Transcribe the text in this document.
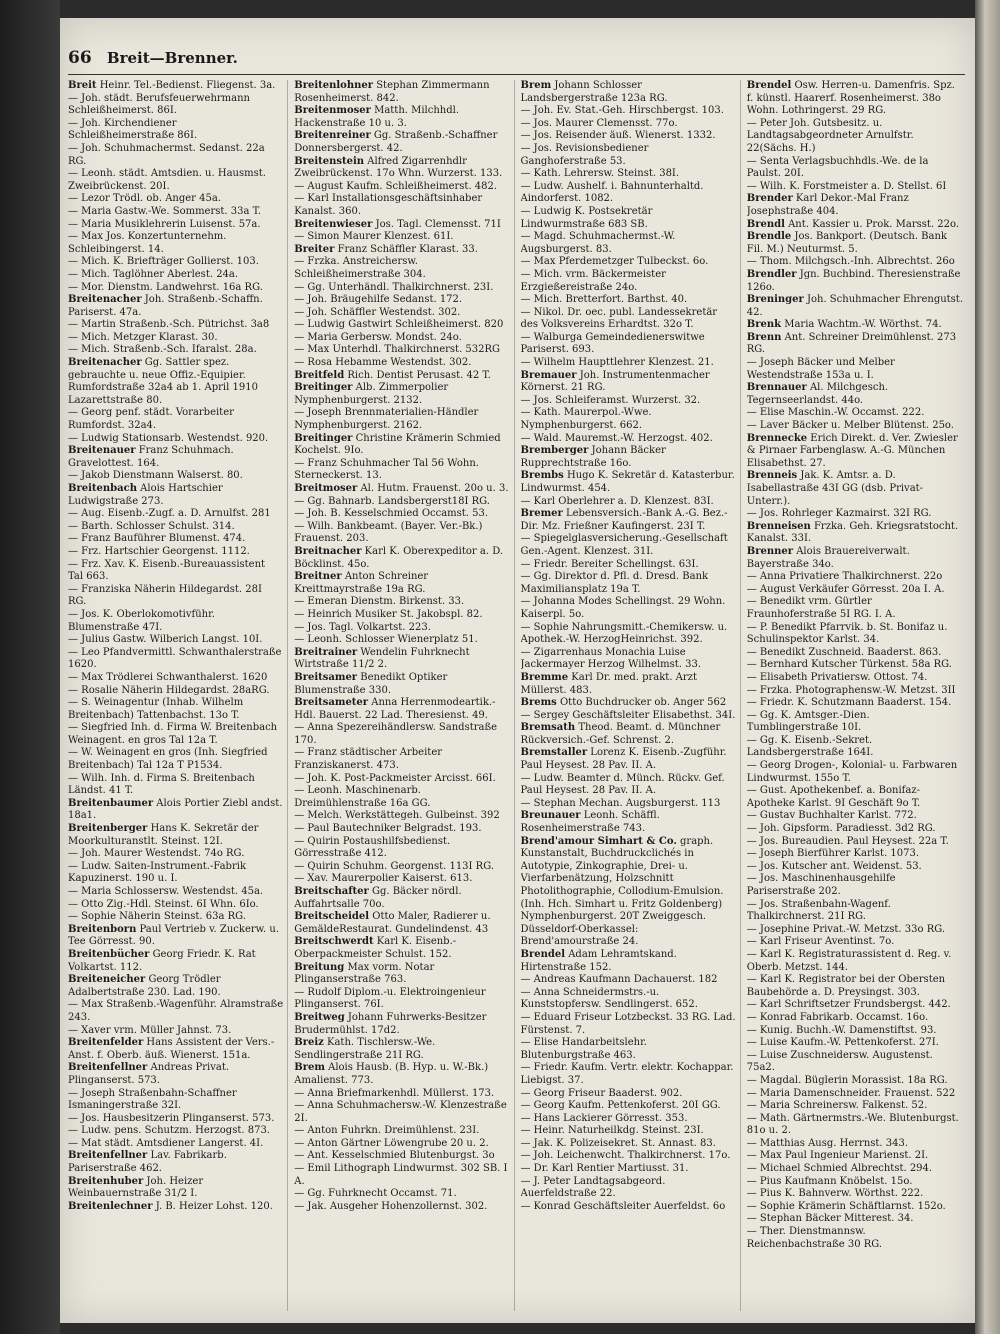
66 Breit—Brenner.

Breit Heinr. Tel.-Bedienst. Fliegenst. 3a.

— Joh. städt. Berufsfeuerwehrmann Schleißheimerst. 86I.

— Joh. Kirchendiener Schleißheimerstraße 86I.

— Joh. Schuhmachermst. Sedanst. 22a RG.

— Leonh. städt. Amtsdien. u. Hausmst. Zweibrückenst. 20I.

— Lezor Trödl. ob. Anger 45a.

— Maria Gastw.-We. Sommerst. 33a T.

— Maria Musiklehrerin Luisenst. 57a.

— Max Jos. Konzertunternehm. Schleibingerst. 14.

— Mich. K. Briefträger Gollierst. 103.

— Mich. Taglöhner Aberlest. 24a.

— Mor. Dienstm. Landwehrst. 16a RG.

Breitenacher Joh. Straßenb.-Schaffn. Pariserst. 47a.

— Martin Straßenb.-Sch. Pütrichst. 3a8

— Mich. Metzger Klarast. 30.

— Mich. Straßenb.-Sch. Ifaralst. 28a.

Breitenacher Gg. Sattler spez. gebrauchte u. neue Offiz.-Equipier. Rumfordstraße 32a4 ab 1. April 1910 Lazarettstraße 80.

— Georg penf. städt. Vorarbeiter Rumfordst. 32a4.

— Ludwig Stationsarb. Westendst. 920.

Breitenauer Franz Schuhmach. Gravelottest. 164.

— Jakob Dienstmann Walserst. 80.

Breitenbach Alois Hartschier Ludwigstraße 273.

— Aug. Eisenb.-Zugf. a. D. Arnulfst. 281

— Barth. Schlosser Schulst. 314.

— Franz Bauführer Blumenst. 474.

— Frz. Hartschier Georgenst. 1112.

— Frz. Xav. K. Eisenb.-Bureauassistent Tal 663.

— Franziska Näherin Hildegardst. 28I RG.

— Jos. K. Oberlokomotivführ. Blumenstraße 47I.

— Julius Gastw. Wilberich Langst. 10I.

— Leo Pfandvermittl. Schwanthalerstraße 1620.

— Max Trödlerei Schwanthalerst. 1620

— Rosalie Näherin Hildegardst. 28aRG.

— S. Weinagentur (Inhab. Wilhelm Breitenbach) Tattenbachst. 13o T.

— Siegfried Inh. d. Firma W. Breitenbach Weinagent. en gros Tal 12a T.

— W. Weinagent en gros (Inh. Siegfried Breitenbach) Tal 12a T P1534.

— Wilh. Inh. d. Firma S. Breitenbach Ländst. 41 T.

Breitenbaumer Alois Portier Ziebl andst. 18a1.

Breitenberger Hans K. Sekretär der Moorkulturanstlt. Steinst. 12I.

— Joh. Maurer Westendst. 74o RG.

— Ludw. Saiten-Instrument.-Fabrik Kapuzinerst. 190 u. I.

— Maria Schlossersw. Westendst. 45a.

— Otto Zig.-Hdl. Steinst. 6I Whn. 6Io.

— Sophie Näherin Steinst. 63a RG.

Breitenborn Paul Vertrieb v. Zuckerw. u. Tee Görresst. 90.

Breitenbücher Georg Friedr. K. Rat Volkartst. 112.

Breiteneicher Georg Trödler Adalbertstraße 230. Lad. 190.

— Max Straßenb.-Wagenführ. Alramstraße 243.

— Xaver vrm. Müller Jahnst. 73.

Breitenfelder Hans Assistent der Vers.-Anst. f. Oberb. äuß. Wienerst. 151a.

Breitenfellner Andreas Privat. Plinganserst. 573.

— Joseph Straßenbahn-Schaffner Ismaningerstraße 32I.

— Jos. Hausbesitzerin Plinganserst. 573.

— Ludw. pens. Schutzm. Herzogst. 873.

— Mat städt. Amtsdiener Langerst. 4I.

Breitenfellner Lav. Fabrikarb. Pariserstraße 462.

Breitenhuber Joh. Heizer Weinbauernstraße 31/2 I.

Breitenlechner J. B. Heizer Lohst. 120.

Breitenlohner Stephan Zimmermann Rosenheimerst. 842.

Breitenmoser Matth. Milchhdl. Hackenstraße 10 u. 3.

Breitenreiner Gg. Straßenb.-Schaffner Donnersbergerst. 42.

Breitenstein Alfred Zigarrenhdlr Zweibrückenst. 17o Whn. Wurzerst. 133.

— August Kaufm. Schleißheimerst. 482.

— Karl Installationsgeschäftsinhaber Kanalst. 360.

Breitenwieser Jos. Tagl. Clemensst. 71I

— Simon Maurer Klenzest. 61I.

Breiter Franz Schäffler Klarast. 33.

— Frzka. Anstreichersw. Schleißheimerstraße 304.

— Gg. Unterhändl. Thalkirchnerst. 23I.

— Joh. Bräugehilfe Sedanst. 172.

— Joh. Schäffler Westendst. 302.

— Ludwig Gastwirt Schleißheimerst. 820

— Maria Gerbersw. Mondst. 24o.

— Max Unterhdl. Thalkirchnerst. 532RG

— Rosa Hebamme Westendst. 302.

Breitfeld Rich. Dentist Perusast. 42 T.

Breitinger Alb. Zimmerpolier Nymphenburgerst. 2132.

— Joseph Brennmaterialien-Händler Nymphenburgerst. 2162.

Breitinger Christine Krämerin Schmied Kochelst. 9Io.

— Franz Schuhmacher Tal 56 Wohn. Sterneckerst. 13.

Breitmoser Al. Hutm. Frauenst. 20o u. 3.

— Gg. Bahnarb. Landsbergerst18I RG.

— Joh. B. Kesselschmied Occamst. 53.

— Wilh. Bankbeamt. (Bayer. Ver.-Bk.) Frauenst. 203.

Breitnacher Karl K. Oberexpeditor a. D. Böcklinst. 45o.

Breitner Anton Schreiner Kreittmayrstraße 19a RG.

— Emeran Dienstm. Birkenst. 33.

— Heinrich Musiker St. Jakobspl. 82.

— Jos. Tagl. Volkartst. 223.

— Leonh. Schlosser Wienerplatz 51.

Breitrainer Wendelin Fuhrknecht Wirtstraße 11/2 2.

Breitsamer Benedikt Optiker Blumenstraße 330.

Breitsameter Anna Herrenmodeartik.-Hdl. Bauerst. 22 Lad. Theresienst. 49.

— Anna Spezereihändlersw. Sandstraße 170.

— Franz städtischer Arbeiter Franziskanerst. 473.

— Joh. K. Post-Packmeister Arcisst. 66I.

— Leonh. Maschinenarb. Dreimühlenstraße 16a GG.

— Melch. Werkstättegeh. Gulbeinst. 392

— Paul Bautechniker Belgradst. 193.

— Quirin Postaushilfsbedienst. Görresstraße 412.

— Quirin Schuhm. Georgenst. 113I RG.

— Xav. Maurerpolier Kaiserst. 613.

Breitschafter Gg. Bäcker nördl. Auffahrtsalle 70o.

Breitscheidel Otto Maler, Radierer u. GemäldeRestaurat. Gundelindenst. 43

Breitschwerdt Karl K. Eisenb.-Oberpackmeister Schulst. 152.

Breitung Max vorm. Notar Plinganserstraße 763.

— Rudolf Diplom.-u. Elektroingenieur Plinganserst. 76I.

Breitweg Johann Fuhrwerks-Besitzer Brudermühlst. 17d2.

Breiz Kath. Tischlersw.-We. Sendlingerstraße 21I RG.

Brem Alois Hausb. (B. Hyp. u. W.-Bk.) Amalienst. 773.

— Anna Briefmarkenhdl. Müllerst. 173.

— Anna Schuhmachersw.-W. Klenzestraße 2I.

— Anton Fuhrkn. Dreimühlenst. 23I.

— Anton Gärtner Löwengrube 20 u. 2.

— Ant. Kesselschmied Blutenburgst. 3o

— Emil Lithograph Lindwurmst. 302 SB. I A.

— Gg. Fuhrknecht Occamst. 71.

— Jak. Ausgeher Hohenzollernst. 302.

Brem Johann Schlosser Landsbergerstraße 123a RG.

— Joh. Ev. Stat.-Geh. Hirschbergst. 103.

— Jos. Maurer Clemensst. 77o.

— Jos. Reisender äuß. Wienerst. 1332.

— Jos. Revisionsbediener Ganghoferstraße 53.

— Kath. Lehrersw. Steinst. 38I.

— Ludw. Aushelf. i. Bahnunterhaltd. Aindorferst. 1082.

— Ludwig K. Postsekretär Lindwurmstraße 683 SB.

— Magd. Schuhmachermst.-W. Augsburgerst. 83.

— Max Pferdemetzger Tulbeckst. 6o.

— Mich. vrm. Bäckermeister Erzgießereistraße 24o.

— Mich. Bretterfort. Barthst. 40.

— Nikol. Dr. oec. publ. Landessekretär des Volksvereins Erhardtst. 32o T.

— Walburga Gemeindedienerswitwe Pariserst. 693.

— Wilhelm Haupttlehrer Klenzest. 21.

Bremauer Joh. Instrumentenmacher Körnerst. 21 RG.

— Jos. Schleiferamst. Wurzerst. 32.

— Kath. Maurerpol.-Wwe. Nymphenburgerst. 662.

— Wald. Mauremst.-W. Herzogst. 402.

Bremberger Johann Bäcker Rupprechtstraße 16o.

Brembs Hugo K. Sekretär d. Katasterbur. Lindwurmst. 454.

— Karl Oberlehrer a. D. Klenzest. 83I.

Bremer Lebensversich.-Bank A.-G. Bez.-Dir. Mz. Frießner Kaufingerst. 23I T.

— Spiegelglasversicherung.-Gesellschaft Gen.-Agent. Klenzest. 31I.

— Friedr. Bereiter Schellingst. 63I.

— Gg. Direktor d. Pfl. d. Dresd. Bank Maximiliansplatz 19a T.

— Johanna Modes Schellingst. 29 Wohn. Kaiserpl. 5o.

— Sophie Nahrungsmitt.-Chemikersw. u. Apothek.-W. HerzogHeinrichst. 392.

— Zigarrenhaus Monachia Luise Jackermayer Herzog Wilhelmst. 33.

Bremme Karl Dr. med. prakt. Arzt Müllerst. 483.

Brems Otto Buchdrucker ob. Anger 562

— Sergey Geschäftsleiter Elisabethst. 34I.

Bremsath Theod. Beamt. d. Münchner Rückversich.-Gef. Schrenst. 2.

Bremstaller Lorenz K. Eisenb.-Zugführ. Paul Heysest. 28 Pav. II. A.

— Ludw. Beamter d. Münch. Rückv. Gef. Paul Heysest. 28 Pav. II. A.

— Stephan Mechan. Augsburgerst. 113

Breunauer Leonh. Schäffl. Rosenheimerstraße 743.

Brend'amour Simhart & Co. graph. Kunstanstalt, Buchdruckclichés in Autotypie, Zinkographie, Drei- u. Vierfarbenätzung, Holzschnitt Photolithographie, Collodium-Emulsion. (Inh. Hch. Simhart u. Fritz Goldenberg) Nymphenburgerst. 20T Zweiggesch. Düsseldorf-Oberkassel: Brend'amourstraße 24.

Brendel Adam Lehramtskand. Hirtenstraße 152.

— Andreas Kaufmann Dachauerst. 182

— Anna Schneidermstrs.-u. Kunststopfersw. Sendlingerst. 652.

— Eduard Friseur Lotzbeckst. 33 RG. Lad. Fürstenst. 7.

— Elise Handarbeitslehr. Blutenburgstraße 463.

— Friedr. Kaufm. Vertr. elektr. Kochappar. Liebigst. 37.

— Georg Friseur Baaderst. 902.

— Georg Kaufm. Pettenkoferst. 20I GG.

— Hans Lackierer Görresst. 353.

— Heinr. Naturheilkdg. Steinst. 23I.

— Jak. K. Polizeisekret. St. Annast. 83.

— Joh. Leichenwcht. Thalkirchnerst. 17o.

— Dr. Karl Rentier Martiusst. 31.

— J. Peter Landtagsabgeord. Auerfeldstraße 22.

— Konrad Geschäftsleiter Auerfeldst. 6o

Brendel Osw. Herren-u. Damenfris. Spz. f. künstl. Haarerf. Rosenheimerst. 38o Wohn. Lothringerst. 29 RG.

— Peter Joh. Gutsbesitz. u. Landtagsabgeordneter Arnulfstr. 22(Sächs. H.)

— Senta Verlagsbuchhdls.-We. de la Paulst. 20I.

— Wilh. K. Forstmeister a. D. Stellst. 6I

Brender Karl Dekor.-Mal Franz Josephstraße 404.

Brendl Ant. Kassier u. Prok. Marsst. 22o.

Brendle Jos. Bankport. (Deutsch. Bank Fil. M.) Neuturmst. 5.

— Thom. Milchgsch.-Inh. Albrechtst. 26o

Brendler Jgn. Buchbind. Theresienstraße 126o.

Breninger Joh. Schuhmacher Ehrengutst. 42.

Brenk Maria Wachtm.-W. Wörthst. 74.

Brenn Ant. Schreiner Dreimühlenst. 273 RG.

— Joseph Bäcker und Melber Westendstraße 153a u. I.

Brennauer Al. Milchgesch. Tegernseerlandst. 44o.

— Elise Maschin.-W. Occamst. 222.

— Laver Bäcker u. Melber Blütenst. 25o.

Brennecke Erich Direkt. d. Ver. Zwiesler & Pirnaer Farbenglasw. A.-G. München Elisabethst. 27.

Brenneis Jak. K. Amtsr. a. D. Isabellastraße 43I GG (dsb. Privat-Unterr.).

— Jos. Rohrleger Kazmairst. 32I RG.

Brenneisen Frzka. Geh. Kriegsratstocht. Kanalst. 33I.

Brenner Alois Brauereiverwalt. Bayerstraße 34o.

— Anna Privatiere Thalkirchnerst. 22o

— August Verkäufer Görresst. 20a I. A.

— Benedikt vrm. Gürtler Fraunhoferstraße 5I RG. I. A.

— P. Benedikt Pfarrvik. b. St. Bonifaz u. Schulinspektor Karlst. 34.

— Benedikt Zuschneid. Baaderst. 863.

— Bernhard Kutscher Türkenst. 58a RG.

— Elisabeth Privatiersw. Ottost. 74.

— Frzka. Photographensw.-W. Metzst. 3II

— Friedr. K. Schutzmann Baaderst. 154.

— Gg. K. Amtsger.-Dien. Tumblingerstraße 10I.

— Gg. K. Eisenb.-Sekret. Landsbergerstraße 164I.

— Georg Drogen-, Kolonial- u. Farbwaren Lindwurmst. 155o T.

— Gust. Apothekenbef. a. Bonifaz-Apotheke Karlst. 9I Geschäft 9o T.

— Gustav Buchhalter Karlst. 772.

— Joh. Gipsform. Paradiesst. 3d2 RG.

— Jos. Bureaudien. Paul Heysest. 22a T.

— Joseph Bierführer Karlst. 1073.

— Jos. Kutscher ant. Weidenst. 53.

— Jos. Maschinenhausgehilfe Pariserstraße 202.

— Jos. Straßenbahn-Wagenf. Thalkirchnerst. 21I RG.

— Josephine Privat.-W. Metzst. 33o RG.

— Karl Friseur Aventinst. 7o.

— Karl K. Registraturassistent d. Reg. v. Oberb. Metzst. 144.

— Karl K. Registrator bei der Obersten Baubehörde a. D. Preysingst. 303.

— Karl Schriftsetzer Frundsbergst. 442.

— Konrad Fabrikarb. Occamst. 16o.

— Kunig. Buchh.-W. Damenstiftst. 93.

— Luise Kaufm.-W. Pettenkoferst. 27I.

— Luise Zuschneidersw. Augustenst. 75a2.

— Magdal. Büglerin Morassist. 18a RG.

— Maria Damenschneider. Frauenst. 522

— Maria Schreinersw. Falkenst. 52.

— Math. Gärtnermstrs.-We. Blutenburgst. 81o u. 2.

— Matthias Ausg. Herrnst. 343.

— Max Paul Ingenieur Marienst. 2I.

— Michael Schmied Albrechtst. 294.

— Pius Kaufmann Knöbelst. 15o.

— Pius K. Bahnverw. Wörthst. 222.

— Sophie Krämerin Schäftlarnst. 152o.

— Stephan Bäcker Mitterest. 34.

— Ther. Dienstmannsw. Reichenbachstraße 30 RG.
